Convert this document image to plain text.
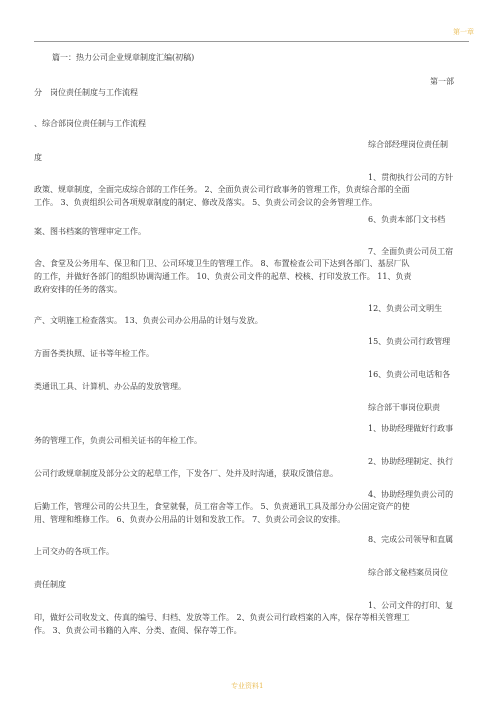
第一章
篇一：热力公司企业规章制度汇编(初稿)
第一部
分　岗位责任制度与工作流程
、综合部岗位责任制与工作流程
综合部经理岗位责任制
度
1、贯彻执行公司的方针
政策、规章制度，全面完成综合部的工作任务。 2、全面负责公司行政事务的管理工作，负责综合部的全面
工作。 3、负责组织公司各项规章制度的制定、修改及落实。 5、负责公司会议的会务管理工作。
6、负责本部门文书档
案、图书档案的管理审定工作。
7、全面负责公司员工宿
舍、食堂及公务用车、保卫和门卫、公司环境卫生的管理工作。 8、布置检查公司下达到各部门、基层厂队
的工作，并做好各部门的组织协调沟通工作。 10、负责公司文件的起草、校核、打印发放工作。 11、负责
政府安排的任务的落实。
12、负责公司文明生
产、文明施工检查落实。 13、负责公司办公用品的计划与发放。
15、负责公司行政管理
方面各类执照、证书等年检工作。
16、负责公司电话和各
类通讯工具、计算机、办公品的发放管理。
综合部干事岗位职责
1、协助经理做好行政事
务的管理工作，负责公司相关证书的年检工作。
2、协助经理制定、执行
公司行政规章制度及部分公文的起草工作，下发各厂、处并及时沟通，获取反馈信息。
4、协助经理负责公司的
后勤工作，管理公司的公共卫生，食堂就餐，员工宿舍等工作。 5、负责通讯工具及部分办公固定资产的使
用、管理和维修工作。 6、负责办公用品的计划和发放工作。 7、负责公司会议的安排。
8、完成公司领导和直属
上司交办的各项工作。
综合部文秘档案员岗位
责任制度
1、公司文件的打印、复
印，做好公司收发文、传真的编号、归档、发放等工作。 2、负责公司行政档案的入库，保存等相关管理工
作。 3、负责公司书籍的入库、分类、查阅、保存等工作。
专业资料1
